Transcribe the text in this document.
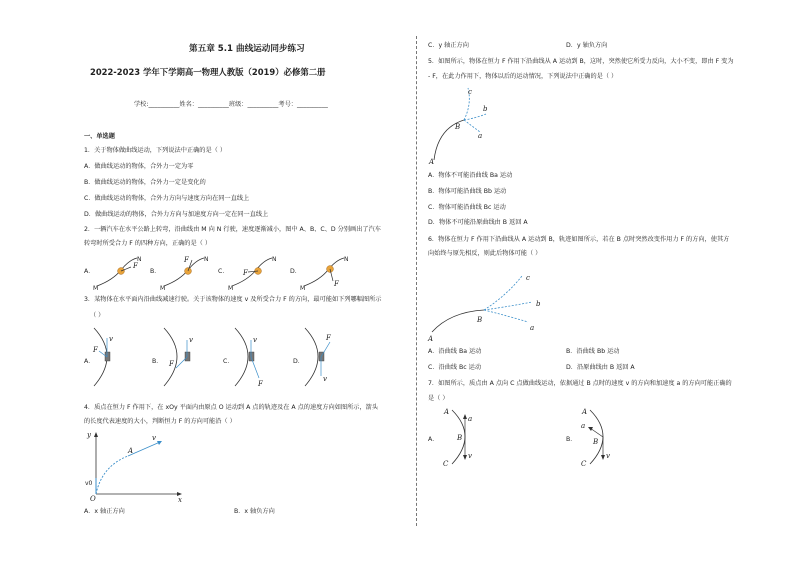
第五章 5.1 曲线运动同步练习
2022-2023 学年下学期高一物理人教版（2019）必修第二册
学校:__________姓名：__________班级：__________考号：__________
一、单选题
1．关于物体做曲线运动，下列说法中正确的是（ ）
A．做曲线运动的物体，合外力一定为零
B．做曲线运动的物体，合外力一定是变化的
C．做曲线运动的物体，合外力方向与速度方向在同一直线上
D．做曲线运动的物体，合外力方向与加速度方向一定在同一直线上
2．一辆汽车在水平公路上转弯，沿曲线由 M 向 N 行驶，速度逐渐减小，图中 A、B、C、D 分别画出了汽车
转弯时所受合力 F 的四种方向，正确的是（ ）
A．	B．	C．	D．
F
N
M
F	N
M
F
N
M
F
N
M
3．某物体在水平面内沿曲线减速行驶。关于该物体的速度 v 及所受合力 F 的方向，最可能如下列哪幅图所示
（ ）
A．	B．	C．	D．
v
F
v
F
v
F
F
v
4．质点在恒力 F 作用下，在 xOy 平面内由原点 O 运动到 A 点的轨迹及在 A 点的速度方向如图所示，箭头
的长度代表速度的大小，判断恒力 F 的方向可能沿（ ）
y
x
O
A
v
v0
A．x 轴正方向	B．x 轴负方向
C．y 轴正方向	D．y 轴负方向
5．如图所示，物体在恒力 F 作用下沿曲线从 A 运动到 B，这时，突然使它所受力反向，大小不变，即由 F 变为
- F，在此力作用下，物体以后的运动情况，下列说法中正确的是（ ）
B
A
a
b
c
A．物体不可能沿曲线 Ba 运动
B．物体可能沿曲线 Bb 运动
C．物体可能沿曲线 Bc 运动
D．物体不可能沿原曲线由 B 返回 A
6．物体在恒力 F 作用下沿曲线从 A 运动到 B，轨迹如图所示，若在 B 点时突然改变作用力 F 的方向，使其方
向始终与原先相反，则此后物体可能（ ）
B
A
c
b
a
A．沿曲线 Ba 运动	B．沿曲线 Bb 运动
C．沿曲线 Bc 运动	D．沿原曲线由 B 返回 A
7．如图所示，质点由 A 点向 C 点做曲线运动，依据通过 B 点时的速度 v 的方向和加速度 a 的方向可能正确的
是（ ）
A．	B．
A
B
C
a
v
A
B
C
a
v
